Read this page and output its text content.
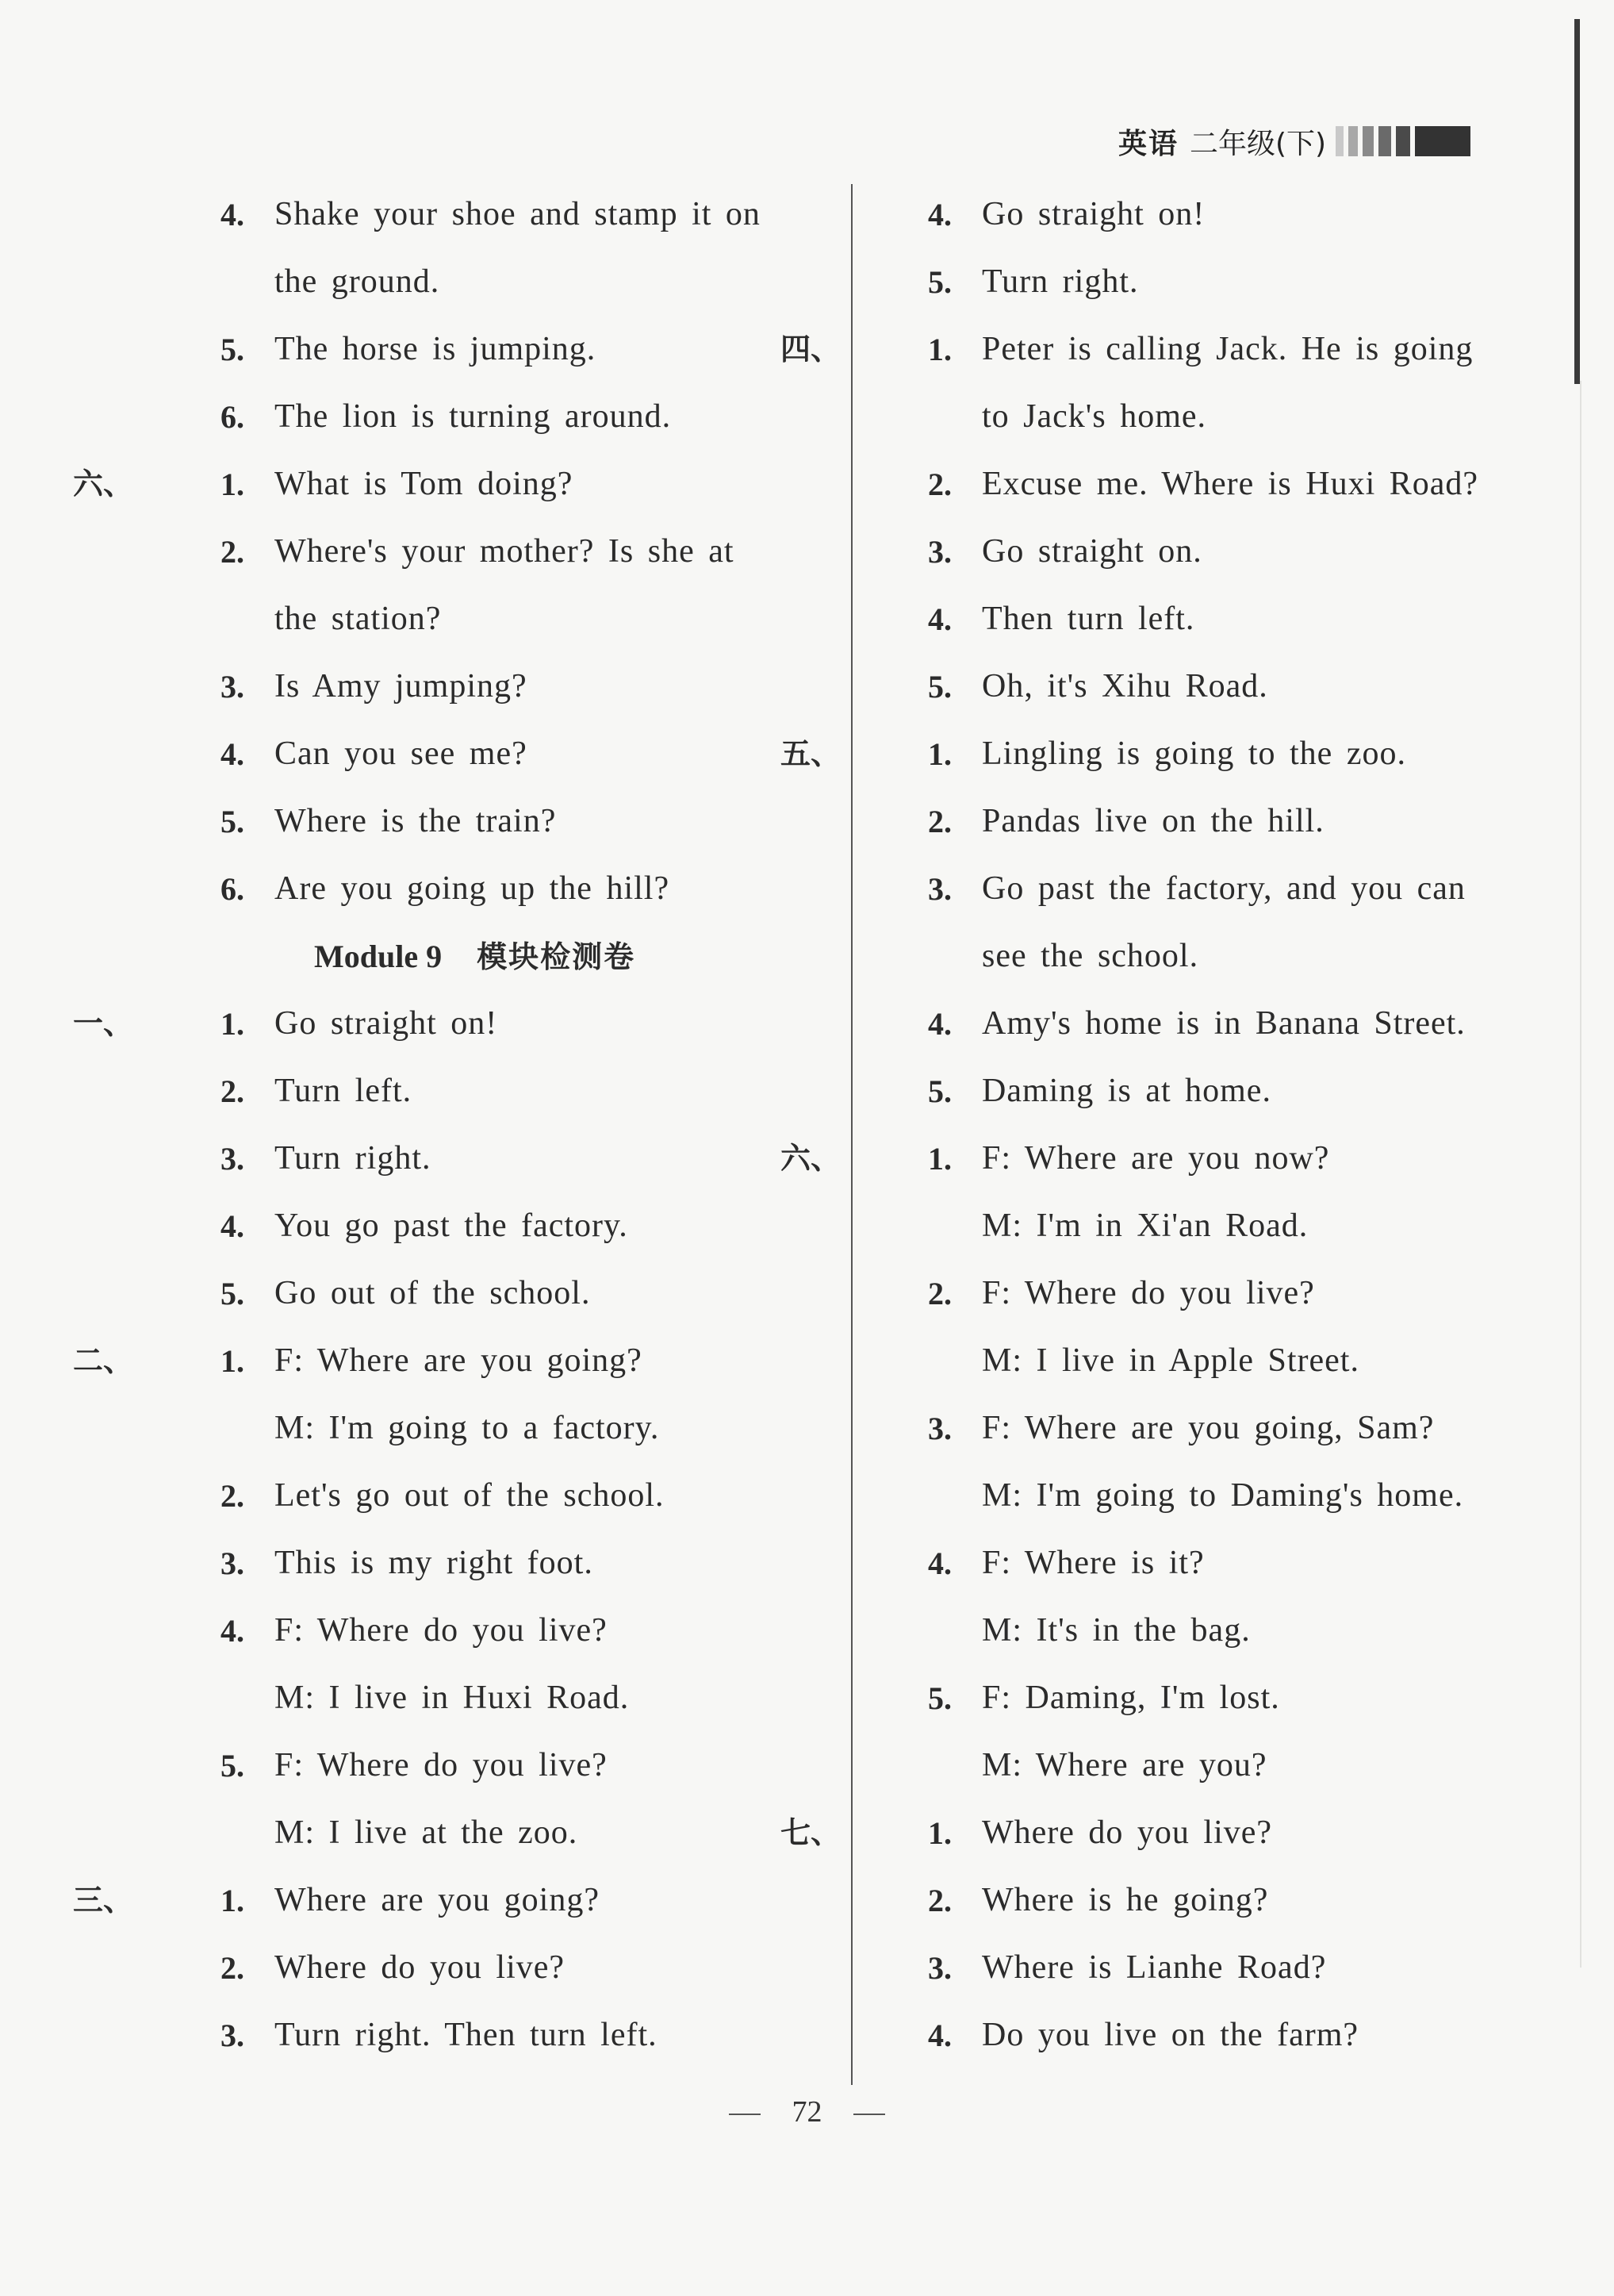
英语 二年级(下)
4. Shake your shoe and stamp it on
the ground.
5. The horse is jumping.
6. The lion is turning around.
六、	1. What is Tom doing?
2. Where's your mother? Is she at
the station?
3. Is Amy jumping?
4. Can you see me?
5. Where is the train?
6. Are you going up the hill?
Module 9 模块检测卷
一、	1. Go straight on!
2. Turn left.
3. Turn right.
4. You go past the factory.
5. Go out of the school.
二、	1. F: Where are you going?
M: I'm going to a factory.
2. Let's go out of the school.
3. This is my right foot.
4. F: Where do you live?
M: I live in Huxi Road.
5. F: Where do you live?
M: I live at the zoo.
三、	1. Where are you going?
2. Where do you live?
3. Turn right. Then turn left.
4. Go straight on!
5. Turn right.
四、	1. Peter is calling Jack. He is going
to Jack's home.
2. Excuse me. Where is Huxi Road?
3. Go straight on.
4. Then turn left.
5. Oh, it's Xihu Road.
五、	1. Lingling is going to the zoo.
2. Pandas live on the hill.
3. Go past the factory, and you can
see the school.
4. Amy's home is in Banana Street.
5. Daming is at home.
六、	1. F: Where are you now?
M: I'm in Xi'an Road.
2. F: Where do you live?
M: I live in Apple Street.
3. F: Where are you going, Sam?
M: I'm going to Daming's home.
4. F: Where is it?
M: It's in the bag.
5. F: Daming, I'm lost.
M: Where are you?
七、	1. Where do you live?
2. Where is he going?
3. Where is Lianhe Road?
4. Do you live on the farm?
72
